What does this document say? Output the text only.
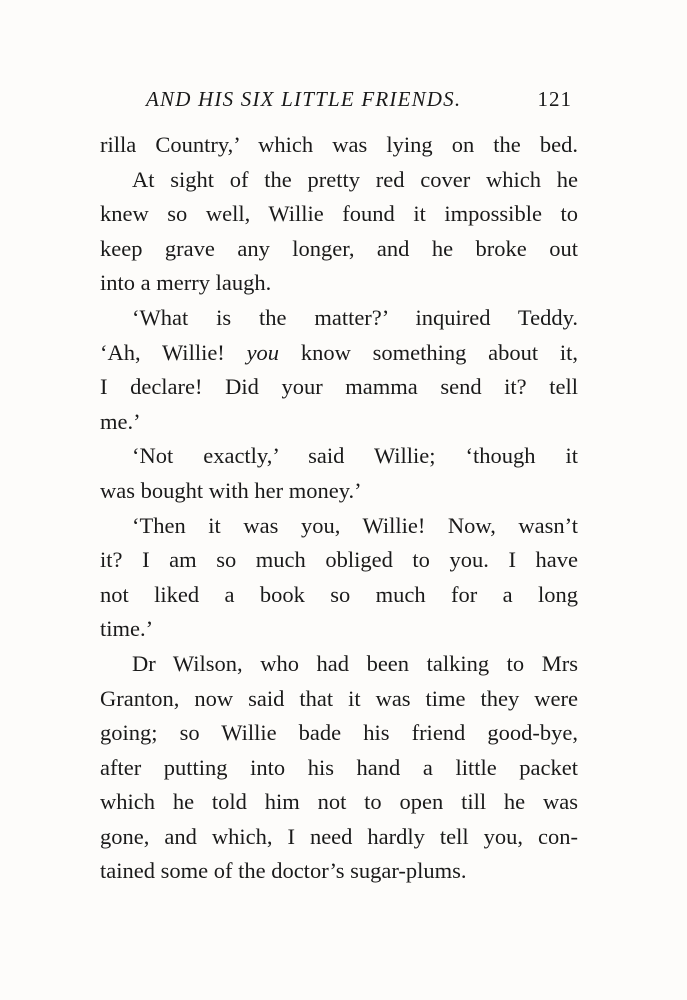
AND HIS SIX LITTLE FRIENDS.	121
rilla Country,’ which was lying on the bed.
At sight of the pretty red cover which he
knew so well, Willie found it impossible to
keep grave any longer, and he broke out
into a merry laugh.
‘What is the matter?’ inquired Teddy.
‘Ah, Willie! you know something about it,
I declare! Did your mamma send it? tell
me.’
‘Not exactly,’ said Willie; ‘though it
was bought with her money.’
‘Then it was you, Willie! Now, wasn’t
it? I am so much obliged to you. I have
not liked a book so much for a long
time.’
Dr Wilson, who had been talking to Mrs
Granton, now said that it was time they were
going; so Willie bade his friend good-bye,
after putting into his hand a little packet
which he told him not to open till he was
gone, and which, I need hardly tell you, con-
tained some of the doctor’s sugar-plums.
